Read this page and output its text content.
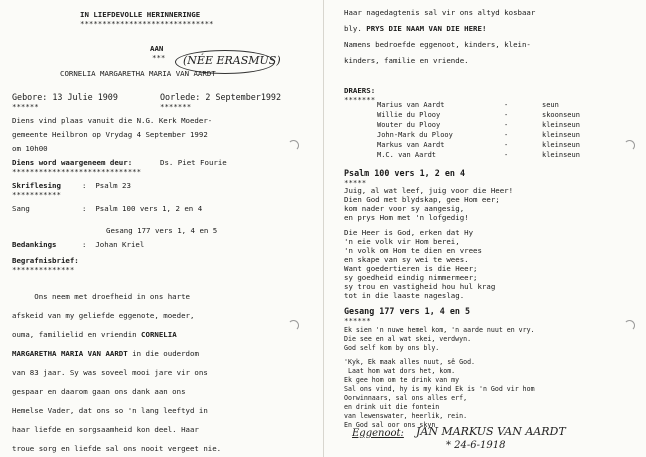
IN LIEFDEVOLLE HERINNERINGE
******************************
AAN
*** (NÉE ERASMUS)
CORNELIA MARGARETHA MARIA VAN AARDT
Gebore: 13 Julie 1909
******
Oorlede: 2 September1992
*******
Diens vind plaas vanuit die N.G. Kerk Moeder-
gemeente Heilbron op Vrydag 4 September 1992
om 10h00
Diens word waargeneem deur:	Ds. Piet Fourie
*****************************
Skriflesing	:  Psalm 23
***********
Sang	:  Psalm 100 vers 1, 2 en 4
Gesang 177 vers 1, 4 en 5
Bedankings	:  Johan Kriel
Begrafnisbrief:
**************
Ons neem met droefheid in ons harte
afskeid van my geliefde eggenote, moeder,
ouma, familielid en vriendin CORNELIA
MARGARETHA MARIA VAN AARDT in die ouderdom
van 83 jaar. Sy was soveel mooi jare vir ons
gespaar en daarom gaan ons dank aan ons
Hemelse Vader, dat ons so 'n lang leeftyd in
haar liefde en sorgsaamheid kon deel. Haar
troue sorg en liefde sal ons nooit vergeet nie.
Haar nagedagtenis sal vir ons altyd kosbaar
bly. PRYS DIE NAAM VAN DIE HERE!
Namens bedroefde eggenoot, kinders, klein-
kinders, familie en vriende.
DRAERS:
*******
Marius van Aardt	-	seun
Willie du Plooy	-	skoonseun
Wouter du Plooy	-	kleinseun
John-Mark du Plooy	-	kleinseun
Markus van Aardt	-	kleinseun
M.C. van Aardt	-	kleinseun
Psalm 100 vers 1, 2 en 4
*****
Juig, al wat leef, juig voor die Heer!
Dien God met blydskap, gee Hom eer;
kom nader voor sy aangesig,
en prys Hom met 'n lofgedig!
Die Heer is God, erken dat Hy
'n eie volk vir Hom berei,
'n volk om Hom te dien en vrees
en skape van sy wei te wees.
Want goedertieren is die Heer;
sy goedheid eindig nimmermeer;
sy trou en vastigheid hou hul krag
tot in die laaste nageslag.
Gesang 177 vers 1, 4 en 5
******
Ek sien 'n nuwe hemel kom, 'n aarde nuut en vry.
Die see en al wat skei, verdwyn.
God self kom by ons bly.
'Kyk, Ek maak alles nuut, sê God.
Laat hom wat dors het, kom.
Ek gee hom om te drink van my
Sal ons vind, hy is my kind Ek is 'n God vir hom
Oorwinnaars, sal ons alles erf,
en drink uit die fontein
van lewenswater, heerlik, rein.
En God sal oor ons skyn
Eggenoot: JAN MARKUS VAN AARDT
* 24-6-1918
